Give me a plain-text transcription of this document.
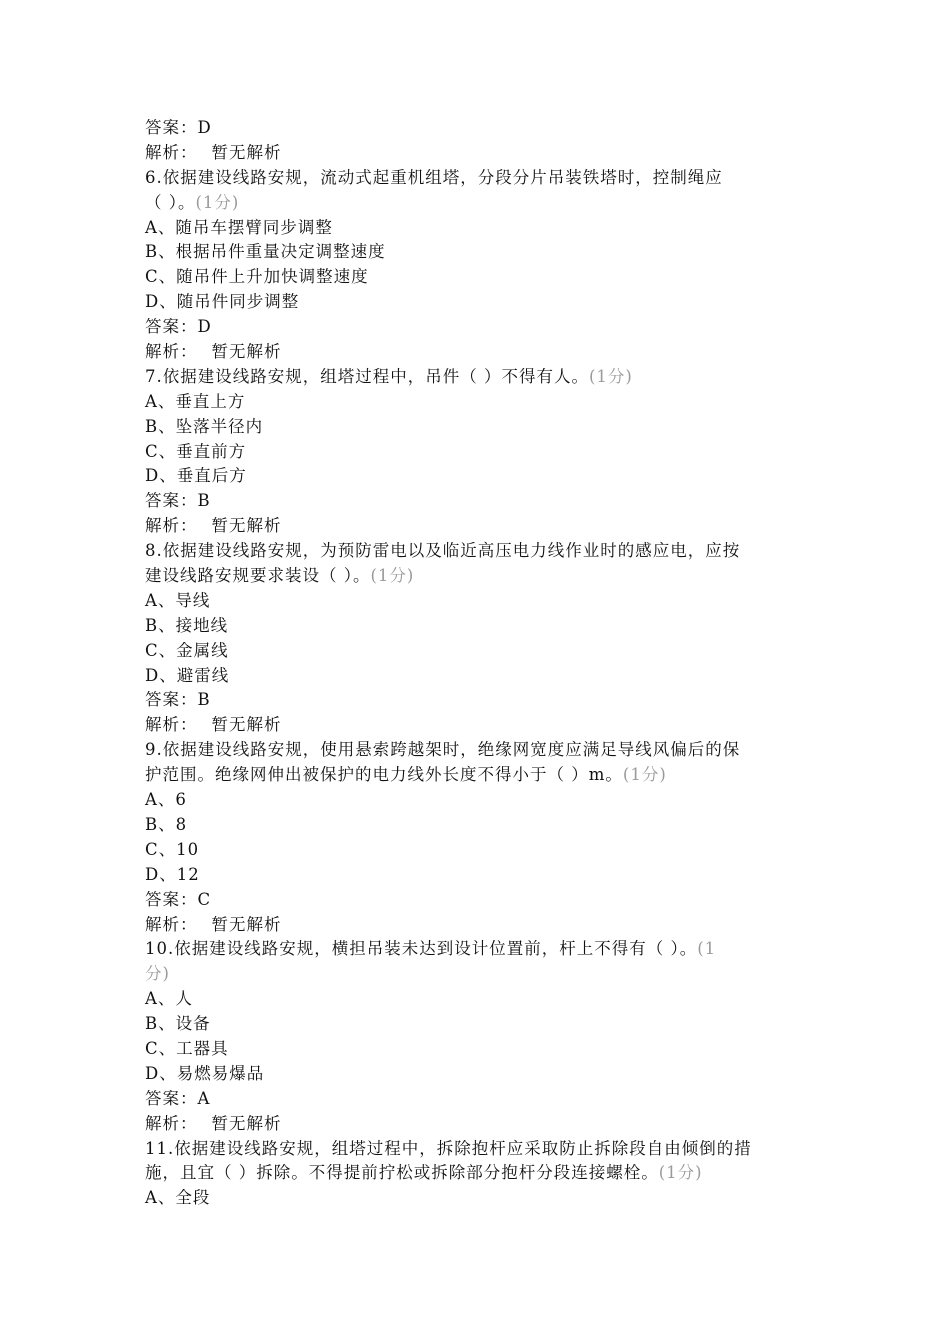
答案：D
解析： 暂无解析
6.依据建设线路安规，流动式起重机组塔，分段分片吊装铁塔时，控制绳应
（ ）。(1分)
A、随吊车摆臂同步调整
B、根据吊件重量决定调整速度
C、随吊件上升加快调整速度
D、随吊件同步调整
答案：D
解析： 暂无解析
7.依据建设线路安规，组塔过程中，吊件（ ）不得有人。(1分)
A、垂直上方
B、坠落半径内
C、垂直前方
D、垂直后方
答案：B
解析： 暂无解析
8.依据建设线路安规，为预防雷电以及临近高压电力线作业时的感应电，应按
建设线路安规要求装设（ ）。(1分)
A、导线
B、接地线
C、金属线
D、避雷线
答案：B
解析： 暂无解析
9.依据建设线路安规，使用悬索跨越架时，绝缘网宽度应满足导线风偏后的保
护范围。绝缘网伸出被保护的电力线外长度不得小于（ ）m。(1分)
A、6
B、8
C、10
D、12
答案：C
解析： 暂无解析
10.依据建设线路安规，横担吊装未达到设计位置前，杆上不得有（ ）。(1
分)
A、人
B、设备
C、工器具
D、易燃易爆品
答案：A
解析： 暂无解析
11.依据建设线路安规，组塔过程中，拆除抱杆应采取防止拆除段自由倾倒的措
施，且宜（ ）拆除。不得提前拧松或拆除部分抱杆分段连接螺栓。(1分)
A、全段
